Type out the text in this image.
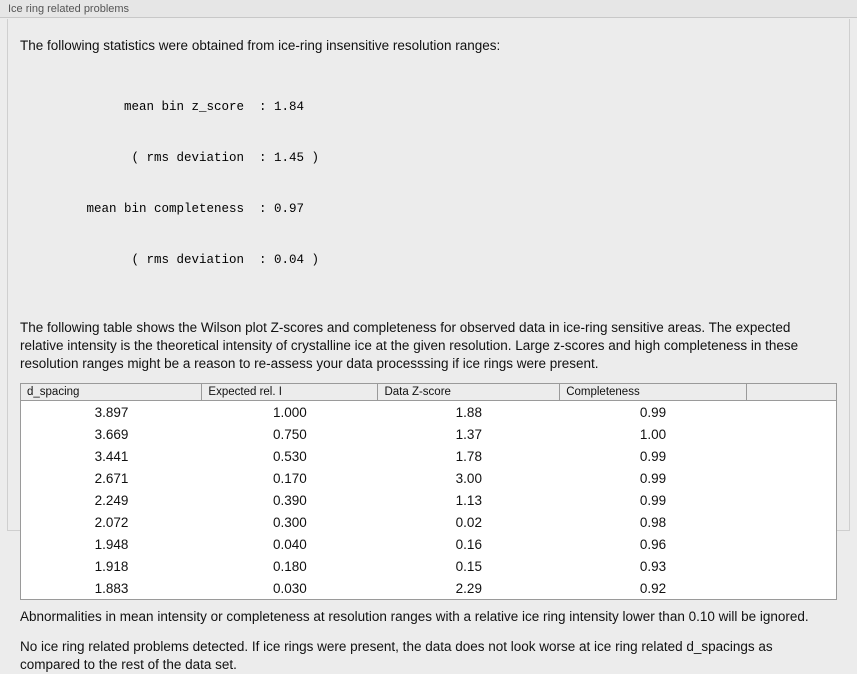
Ice ring related problems

The following statistics were obtained from ice-ring insensitive resolution ranges:

mean bin z_score : 1.84

( rms deviation : 1.45 )

mean bin completeness : 0.97

( rms deviation : 0.04 )

The following table shows the Wilson plot Z-scores and completeness for observed data in ice-ring sensitive areas. The expected relative intensity is the theoretical intensity of crystalline ice at the given resolution. Large z-scores and high completeness in these resolution ranges might be a reason to re-assess your data processsing if ice rings were present.

d_spacing	Expected rel. I	Data Z-score	Completeness	
3.897	1.000	1.88	0.99	
3.669	0.750	1.37	1.00	
3.441	0.530	1.78	0.99	
2.671	0.170	3.00	0.99	
2.249	0.390	1.13	0.99	
2.072	0.300	0.02	0.98	
1.948	0.040	0.16	0.96	
1.918	0.180	0.15	0.93	
1.883	0.030	2.29	0.92	

Abnormalities in mean intensity or completeness at resolution ranges with a relative ice ring intensity lower than 0.10 will be ignored.

No ice ring related problems detected. If ice rings were present, the data does not look worse at ice ring related d_spacings as compared to the rest of the data set.
